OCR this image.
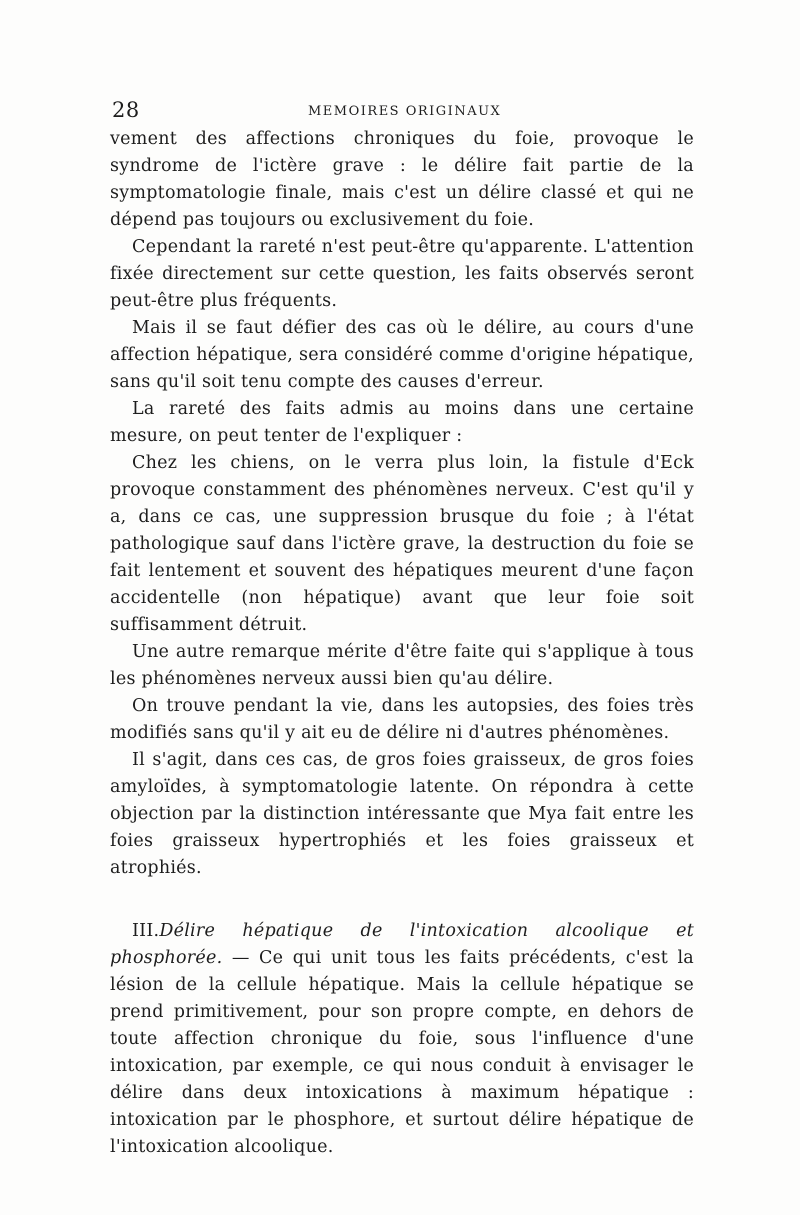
28	MEMOIRES ORIGINAUX

vement des affections chroniques du foie, provoque le syndrome de l'ictère grave : le délire fait partie de la symptomatologie finale, mais c'est un délire classé et qui ne dépend pas toujours ou exclusivement du foie.

Cependant la rareté n'est peut-être qu'apparente. L'attention fixée directement sur cette question, les faits observés seront peut-être plus fréquents.

Mais il se faut défier des cas où le délire, au cours d'une affection hépatique, sera considéré comme d'origine hépatique, sans qu'il soit tenu compte des causes d'erreur.

La rareté des faits admis au moins dans une certaine mesure, on peut tenter de l'expliquer :

Chez les chiens, on le verra plus loin, la fistule d'Eck provoque constamment des phénomènes nerveux. C'est qu'il y a, dans ce cas, une suppression brusque du foie ; à l'état pathologique sauf dans l'ictère grave, la destruction du foie se fait lentement et souvent des hépatiques meurent d'une façon accidentelle (non hépatique) avant que leur foie soit suffisamment détruit.

Une autre remarque mérite d'être faite qui s'applique à tous les phénomènes nerveux aussi bien qu'au délire.

On trouve pendant la vie, dans les autopsies, des foies très modifiés sans qu'il y ait eu de délire ni d'autres phénomènes.

Il s'agit, dans ces cas, de gros foies graisseux, de gros foies amyloïdes, à symptomatologie latente. On répondra à cette objection par la distinction intéressante que Mya fait entre les foies graisseux hypertrophiés et les foies graisseux et atrophiés.

III.Délire hépatique de l'intoxication alcoolique et phosphorée. — Ce qui unit tous les faits précédents, c'est la lésion de la cellule hépatique. Mais la cellule hépatique se prend primitivement, pour son propre compte, en dehors de toute affection chronique du foie, sous l'influence d'une intoxication, par exemple, ce qui nous conduit à envisager le délire dans deux intoxications à maximum hépatique : intoxication par le phosphore, et surtout délire hépatique de l'intoxication alcoolique.
